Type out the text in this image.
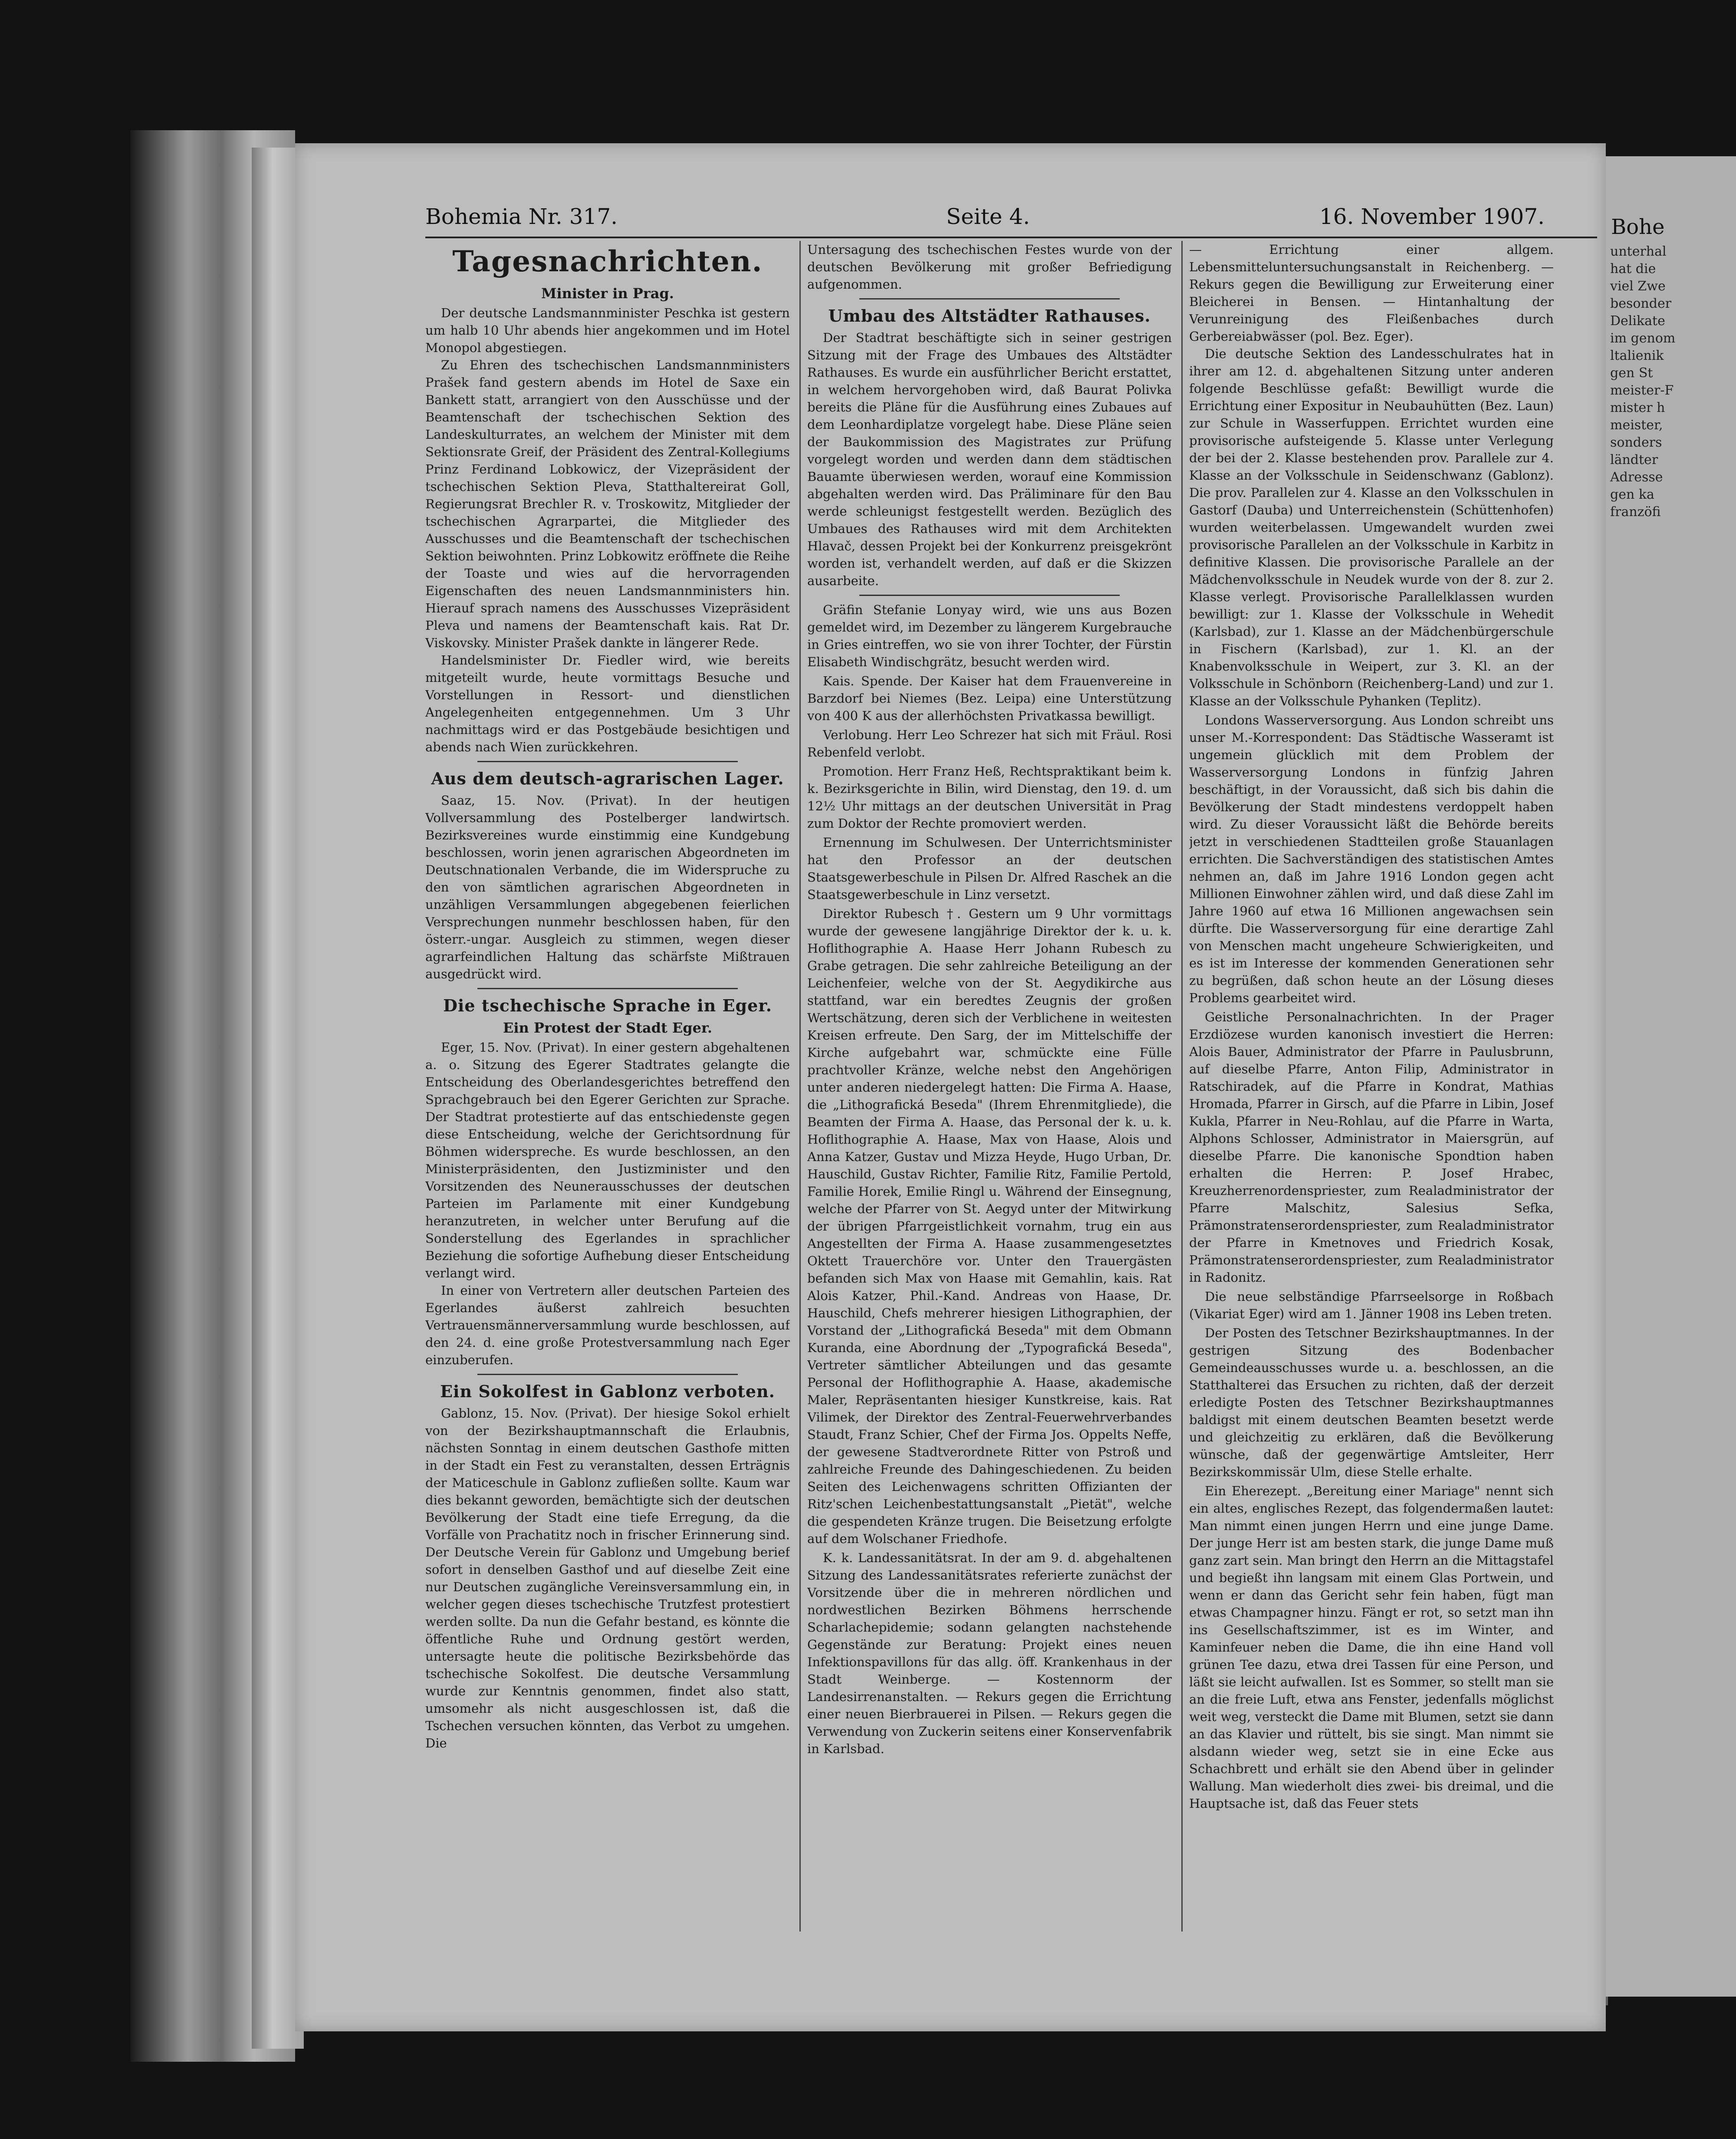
Bohe
unterhal
hat die
viel Zwe
besonder
Delikate
im genom
ltalienik
gen St
meister-F
mister h
meister,
sonders
ländter
Adresse
gen ka
franzöfi
Bohemia Nr. 317.	Seite 4.	16. November 1907.
Tagesnachrichten.
Minister in Prag.

Der deutsche Landsmannminister Peschka ist gestern um halb 10 Uhr abends hier angekommen und im Hotel Monopol abgestiegen.

Zu Ehren des tschechischen Landsmannministers Prašek fand gestern abends im Hotel de Saxe ein Bankett statt, arrangiert von den Ausschüsse und der Beamtenschaft der tschechischen Sektion des Landeskulturrates, an welchem der Minister mit dem Sektionsrate Greif, der Präsident des Zentral-Kollegiums Prinz Ferdinand Lobkowicz, der Vizepräsident der tschechischen Sektion Pleva, Statthaltereirat Goll, Regierungsrat Brechler R. v. Troskowitz, Mitglieder der tschechischen Agrarpartei, die Mitglieder des Ausschusses und die Beamtenschaft der tschechischen Sektion beiwohnten. Prinz Lobkowitz eröffnete die Reihe der Toaste und wies auf die hervorragenden Eigenschaften des neuen Landsmannministers hin. Hierauf sprach namens des Ausschusses Vizepräsident Pleva und namens der Beamtenschaft kais. Rat Dr. Viskovsky. Minister Prašek dankte in längerer Rede.

Handelsminister Dr. Fiedler wird, wie bereits mitgeteilt wurde, heute vormittags Besuche und Vorstellungen in Ressort- und dienstlichen Angelegenheiten entgegennehmen. Um 3 Uhr nachmittags wird er das Postgebäude besichtigen und abends nach Wien zurückkehren.

Aus dem deutsch-agrarischen Lager.

Saaz, 15. Nov. (Privat). In der heutigen Vollversammlung des Postelberger landwirtsch. Bezirksvereines wurde einstimmig eine Kundgebung beschlossen, worin jenen agrarischen Abgeordneten im Deutschnationalen Verbande, die im Widerspruche zu den von sämtlichen agrarischen Abgeordneten in unzähligen Versammlungen abgegebenen feierlichen Versprechungen nunmehr beschlossen haben, für den österr.-ungar. Ausgleich zu stimmen, wegen dieser agrarfeindlichen Haltung das schärfste Mißtrauen ausgedrückt wird.

Die tschechische Sprache in Eger.
Ein Protest der Stadt Eger.

Eger, 15. Nov. (Privat). In einer gestern abgehaltenen a. o. Sitzung des Egerer Stadtrates gelangte die Entscheidung des Oberlandesgerichtes betreffend den Sprachgebrauch bei den Egerer Gerichten zur Sprache. Der Stadtrat protestierte auf das entschiedenste gegen diese Entscheidung, welche der Gerichtsordnung für Böhmen widerspreche. Es wurde beschlossen, an den Ministerpräsidenten, den Justizminister und den Vorsitzenden des Neunerausschusses der deutschen Parteien im Parlamente mit einer Kundgebung heranzutreten, in welcher unter Berufung auf die Sonderstellung des Egerlandes in sprachlicher Beziehung die sofortige Aufhebung dieser Entscheidung verlangt wird.

In einer von Vertretern aller deutschen Parteien des Egerlandes äußerst zahlreich besuchten Vertrauensmännerversammlung wurde beschlossen, auf den 24. d. eine große Protestversammlung nach Eger einzuberufen.

Ein Sokolfest in Gablonz verboten.

Gablonz, 15. Nov. (Privat). Der hiesige Sokol erhielt von der Bezirkshauptmannschaft die Erlaubnis, nächsten Sonntag in einem deutschen Gasthofe mitten in der Stadt ein Fest zu veranstalten, dessen Erträgnis der Maticeschule in Gablonz zufließen sollte. Kaum war dies bekannt geworden, bemächtigte sich der deutschen Bevölkerung der Stadt eine tiefe Erregung, da die Vorfälle von Prachatitz noch in frischer Erinnerung sind. Der Deutsche Verein für Gablonz und Umgebung berief sofort in denselben Gasthof und auf dieselbe Zeit eine nur Deutschen zugängliche Vereinsversammlung ein, in welcher gegen dieses tschechische Trutzfest protestiert werden sollte. Da nun die Gefahr bestand, es könnte die öffentliche Ruhe und Ordnung gestört werden, untersagte heute die politische Bezirksbehörde das tschechische Sokolfest. Die deutsche Versammlung wurde zur Kenntnis genommen, findet also statt, umsomehr als nicht ausgeschlossen ist, daß die Tschechen versuchen könnten, das Verbot zu umgehen. Die

Untersagung des tschechischen Festes wurde von der deutschen Bevölkerung mit großer Befriedigung aufgenommen.

Umbau des Altstädter Rathauses.

Der Stadtrat beschäftigte sich in seiner gestrigen Sitzung mit der Frage des Umbaues des Altstädter Rathauses. Es wurde ein ausführlicher Bericht erstattet, in welchem hervorgehoben wird, daß Baurat Polivka bereits die Pläne für die Ausführung eines Zubaues auf dem Leonhardiplatze vorgelegt habe. Diese Pläne seien der Baukommission des Magistrates zur Prüfung vorgelegt worden und werden dann dem städtischen Bauamte überwiesen werden, worauf eine Kommission abgehalten werden wird. Das Präliminare für den Bau werde schleunigst festgestellt werden. Bezüglich des Umbaues des Rathauses wird mit dem Architekten Hlavač, dessen Projekt bei der Konkurrenz preisgekrönt worden ist, verhandelt werden, auf daß er die Skizzen ausarbeite.

Gräfin Stefanie Lonyay wird, wie uns aus Bozen gemeldet wird, im Dezember zu längerem Kurgebrauche in Gries eintreffen, wo sie von ihrer Tochter, der Fürstin Elisabeth Windischgrätz, besucht werden wird.

Kais. Spende. Der Kaiser hat dem Frauenvereine in Barzdorf bei Niemes (Bez. Leipa) eine Unterstützung von 400 K aus der allerhöchsten Privatkassa bewilligt.

Verlobung. Herr Leo Schrezer hat sich mit Fräul. Rosi Rebenfeld verlobt.

Promotion. Herr Franz Heß, Rechtspraktikant beim k. k. Bezirksgerichte in Bilin, wird Dienstag, den 19. d. um 12½ Uhr mittags an der deutschen Universität in Prag zum Doktor der Rechte promoviert werden.

Ernennung im Schulwesen. Der Unterrichtsminister hat den Professor an der deutschen Staatsgewerbeschule in Pilsen Dr. Alfred Raschek an die Staatsgewerbeschule in Linz versetzt.

Direktor Rubesch †. Gestern um 9 Uhr vormittags wurde der gewesene langjährige Direktor der k. u. k. Hoflithographie A. Haase Herr Johann Rubesch zu Grabe getragen. Die sehr zahlreiche Beteiligung an der Leichenfeier, welche von der St. Aegydikirche aus stattfand, war ein beredtes Zeugnis der großen Wertschätzung, deren sich der Verblichene in weitesten Kreisen erfreute. Den Sarg, der im Mittelschiffe der Kirche aufgebahrt war, schmückte eine Fülle prachtvoller Kränze, welche nebst den Angehörigen unter anderen niedergelegt hatten: Die Firma A. Haase, die „Lithografická Beseda" (Ihrem Ehrenmitgliede), die Beamten der Firma A. Haase, das Personal der k. u. k. Hoflithographie A. Haase, Max von Haase, Alois und Anna Katzer, Gustav und Mizza Heyde, Hugo Urban, Dr. Hauschild, Gustav Richter, Familie Ritz, Familie Pertold, Familie Horek, Emilie Ringl u. Während der Einsegnung, welche der Pfarrer von St. Aegyd unter der Mitwirkung der übrigen Pfarrgeistlichkeit vornahm, trug ein aus Angestellten der Firma A. Haase zusammengesetztes Oktett Trauerchöre vor. Unter den Trauergästen befanden sich Max von Haase mit Gemahlin, kais. Rat Alois Katzer, Phil.-Kand. Andreas von Haase, Dr. Hauschild, Chefs mehrerer hiesigen Lithographien, der Vorstand der „Lithografická Beseda" mit dem Obmann Kuranda, eine Abordnung der „Typografická Beseda", Vertreter sämtlicher Abteilungen und das gesamte Personal der Hoflithographie A. Haase, akademische Maler, Repräsentanten hiesiger Kunstkreise, kais. Rat Vilimek, der Direktor des Zentral-Feuerwehrverbandes Staudt, Franz Schier, Chef der Firma Jos. Oppelts Neffe, der gewesene Stadtverordnete Ritter von Pstroß und zahlreiche Freunde des Dahingeschiedenen. Zu beiden Seiten des Leichenwagens schritten Offizianten der Ritz'schen Leichenbestattungsanstalt „Pietät", welche die gespendeten Kränze trugen. Die Beisetzung erfolgte auf dem Wolschaner Friedhofe.

K. k. Landessanitätsrat. In der am 9. d. abgehaltenen Sitzung des Landessanitätsrates referierte zunächst der Vorsitzende über die in mehreren nördlichen und nordwestlichen Bezirken Böhmens herrschende Scharlachepidemie; sodann gelangten nachstehende Gegenstände zur Beratung: Projekt eines neuen Infektionspavillons für das allg. öff. Krankenhaus in der Stadt Weinberge. — Kostennorm der Landesirrenanstalten. — Rekurs gegen die Errichtung einer neuen Bierbrauerei in Pilsen. — Rekurs gegen die Verwendung von Zuckerin seitens einer Konservenfabrik in Karlsbad.

— Errichtung einer allgem. Lebensmitteluntersuchungsanstalt in Reichenberg. — Rekurs gegen die Bewilligung zur Erweiterung einer Bleicherei in Bensen. — Hintanhaltung der Verunreinigung des Fleißenbaches durch Gerbereiabwässer (pol. Bez. Eger).

Die deutsche Sektion des Landesschulrates hat in ihrer am 12. d. abgehaltenen Sitzung unter anderen folgende Beschlüsse gefaßt: Bewilligt wurde die Errichtung einer Expositur in Neubauhütten (Bez. Laun) zur Schule in Wasserfuppen. Errichtet wurden eine provisorische aufsteigende 5. Klasse unter Verlegung der bei der 2. Klasse bestehenden prov. Parallele zur 4. Klasse an der Volksschule in Seidenschwanz (Gablonz). Die prov. Parallelen zur 4. Klasse an den Volksschulen in Gastorf (Dauba) und Unterreichenstein (Schüttenhofen) wurden weiterbelassen. Umgewandelt wurden zwei provisorische Parallelen an der Volksschule in Karbitz in definitive Klassen. Die provisorische Parallele an der Mädchenvolksschule in Neudek wurde von der 8. zur 2. Klasse verlegt. Provisorische Parallelklassen wurden bewilligt: zur 1. Klasse der Volksschule in Wehedit (Karlsbad), zur 1. Klasse an der Mädchenbürgerschule in Fischern (Karlsbad), zur 1. Kl. an der Knabenvolksschule in Weipert, zur 3. Kl. an der Volksschule in Schönborn (Reichenberg-Land) und zur 1. Klasse an der Volksschule Pyhanken (Teplitz).

Londons Wasserversorgung. Aus London schreibt uns unser M.-Korrespondent: Das Städtische Wasseramt ist ungemein glücklich mit dem Problem der Wasserversorgung Londons in fünfzig Jahren beschäftigt, in der Voraussicht, daß sich bis dahin die Bevölkerung der Stadt mindestens verdoppelt haben wird. Zu dieser Voraussicht läßt die Behörde bereits jetzt in verschiedenen Stadtteilen große Stauanlagen errichten. Die Sachverständigen des statistischen Amtes nehmen an, daß im Jahre 1916 London gegen acht Millionen Einwohner zählen wird, und daß diese Zahl im Jahre 1960 auf etwa 16 Millionen angewachsen sein dürfte. Die Wasserversorgung für eine derartige Zahl von Menschen macht ungeheure Schwierigkeiten, und es ist im Interesse der kommenden Generationen sehr zu begrüßen, daß schon heute an der Lösung dieses Problems gearbeitet wird.

Geistliche Personalnachrichten. In der Prager Erzdiözese wurden kanonisch investiert die Herren: Alois Bauer, Administrator der Pfarre in Paulusbrunn, auf dieselbe Pfarre, Anton Filip, Administrator in Ratschiradek, auf die Pfarre in Kondrat, Mathias Hromada, Pfarrer in Girsch, auf die Pfarre in Libin, Josef Kukla, Pfarrer in Neu-Rohlau, auf die Pfarre in Warta, Alphons Schlosser, Administrator in Maiersgrün, auf dieselbe Pfarre. Die kanonische Spondtion haben erhalten die Herren: P. Josef Hrabec, Kreuzherrenordenspriester, zum Realadministrator der Pfarre Malschitz, Salesius Sefka, Prämonstratenserordenspriester, zum Realadministrator der Pfarre in Kmetnoves und Friedrich Kosak, Prämonstratenserordenspriester, zum Realadministrator in Radonitz.

Die neue selbständige Pfarrseelsorge in Roßbach (Vikariat Eger) wird am 1. Jänner 1908 ins Leben treten.

Der Posten des Tetschner Bezirkshauptmannes. In der gestrigen Sitzung des Bodenbacher Gemeindeausschusses wurde u. a. beschlossen, an die Statthalterei das Ersuchen zu richten, daß der derzeit erledigte Posten des Tetschner Bezirkshauptmannes baldigst mit einem deutschen Beamten besetzt werde und gleichzeitig zu erklären, daß die Bevölkerung wünsche, daß der gegenwärtige Amtsleiter, Herr Bezirkskommissär Ulm, diese Stelle erhalte.

Ein Eherezept. „Bereitung einer Mariage" nennt sich ein altes, englisches Rezept, das folgendermaßen lautet: Man nimmt einen jungen Herrn und eine junge Dame. Der junge Herr ist am besten stark, die junge Dame muß ganz zart sein. Man bringt den Herrn an die Mittagstafel und begießt ihn langsam mit einem Glas Portwein, und wenn er dann das Gericht sehr fein haben, fügt man etwas Champagner hinzu. Fängt er rot, so setzt man ihn ins Gesellschaftszimmer, ist es im Winter, and Kaminfeuer neben die Dame, die ihn eine Hand voll grünen Tee dazu, etwa drei Tassen für eine Person, und läßt sie leicht aufwallen. Ist es Sommer, so stellt man sie an die freie Luft, etwa ans Fenster, jedenfalls möglichst weit weg, versteckt die Dame mit Blumen, setzt sie dann an das Klavier und rüttelt, bis sie singt. Man nimmt sie alsdann wieder weg, setzt sie in eine Ecke aus Schachbrett und erhält sie den Abend über in gelinder Wallung. Man wiederholt dies zwei- bis dreimal, und die Hauptsache ist, daß das Feuer stets
